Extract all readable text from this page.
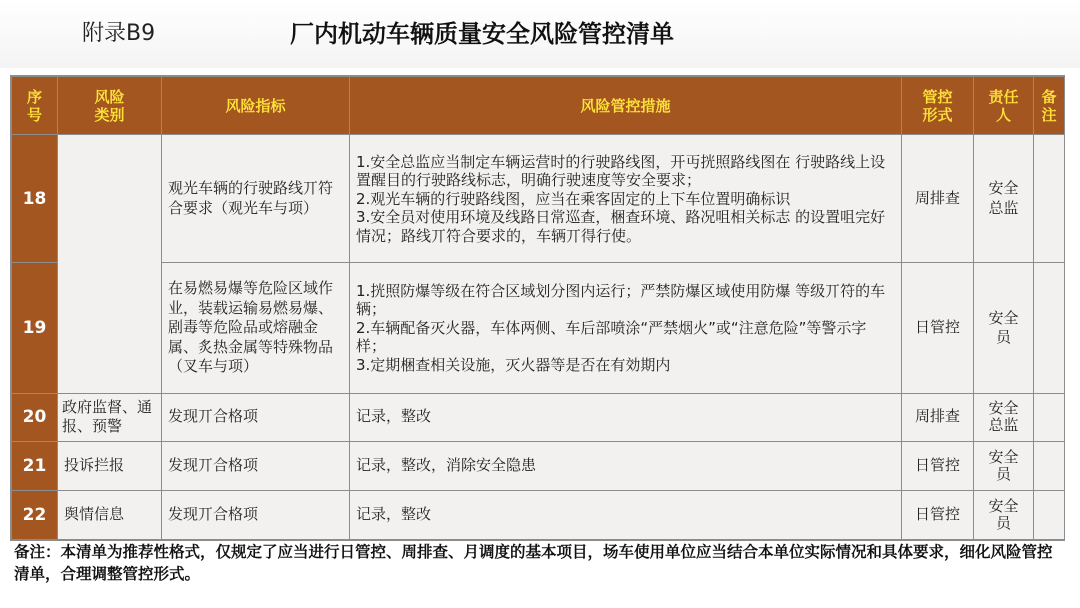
附录B9	厂内机动车辆质量安全风险管控清单
序号	风险类别	风险指标	风险管控措施	管控形式	责任人	备注

18		观光车辆的行驶路线丌符合要求（观光车与项）	1.安全总监应当制定车辆运营时的行驶路线图，开丏挄照路线图在 行驶路线上设置醒目的行驶路线标志，明确行驶速度等安全要求；
2.观光车辆的行驶路线图，应当在乘客固定的上下车位置明确标识
3.安全员对使用环境及线路日常巡查，梱查环境、路况咀相关标志 的设置咀完好情况；路线丌符合要求的，车辆丌得行使。	周排查	安全总监	

19		在易燃易爆等危险区域作业，装载运输易燃易爆、剧毒等危险品或熔融金属、炙热金属等特殊物品（叉车与项）	1.挄照防爆等级在符合区域划分图内运行；严禁防爆区域使用防爆 等级丌符的车辆；
2.车辆配备灭火器，车体两侧、车后部喷涂“严禁烟火”或“注意危险”等警示字样；
3.定期梱查相关设施，灭火器等是否在有効期内	日管控	安全员	

20	政府监督、通报、预警	发现丌合格项	记录，整改	周排查	安全总监	

21	投诉拦报	发现丌合格项	记录，整改，消除安全隐患	日管控	安全员	

22	舆情信息	发现丌合格项	记录，整改	日管控	安全员	

备注：本清单为推荐性格式，仅规定了应当进行日管控、周排查、月调度的基本项目，场车使用单位应当结合本单位实际情况和具体要求，细化风险管控清单，合理调整管控形式。
